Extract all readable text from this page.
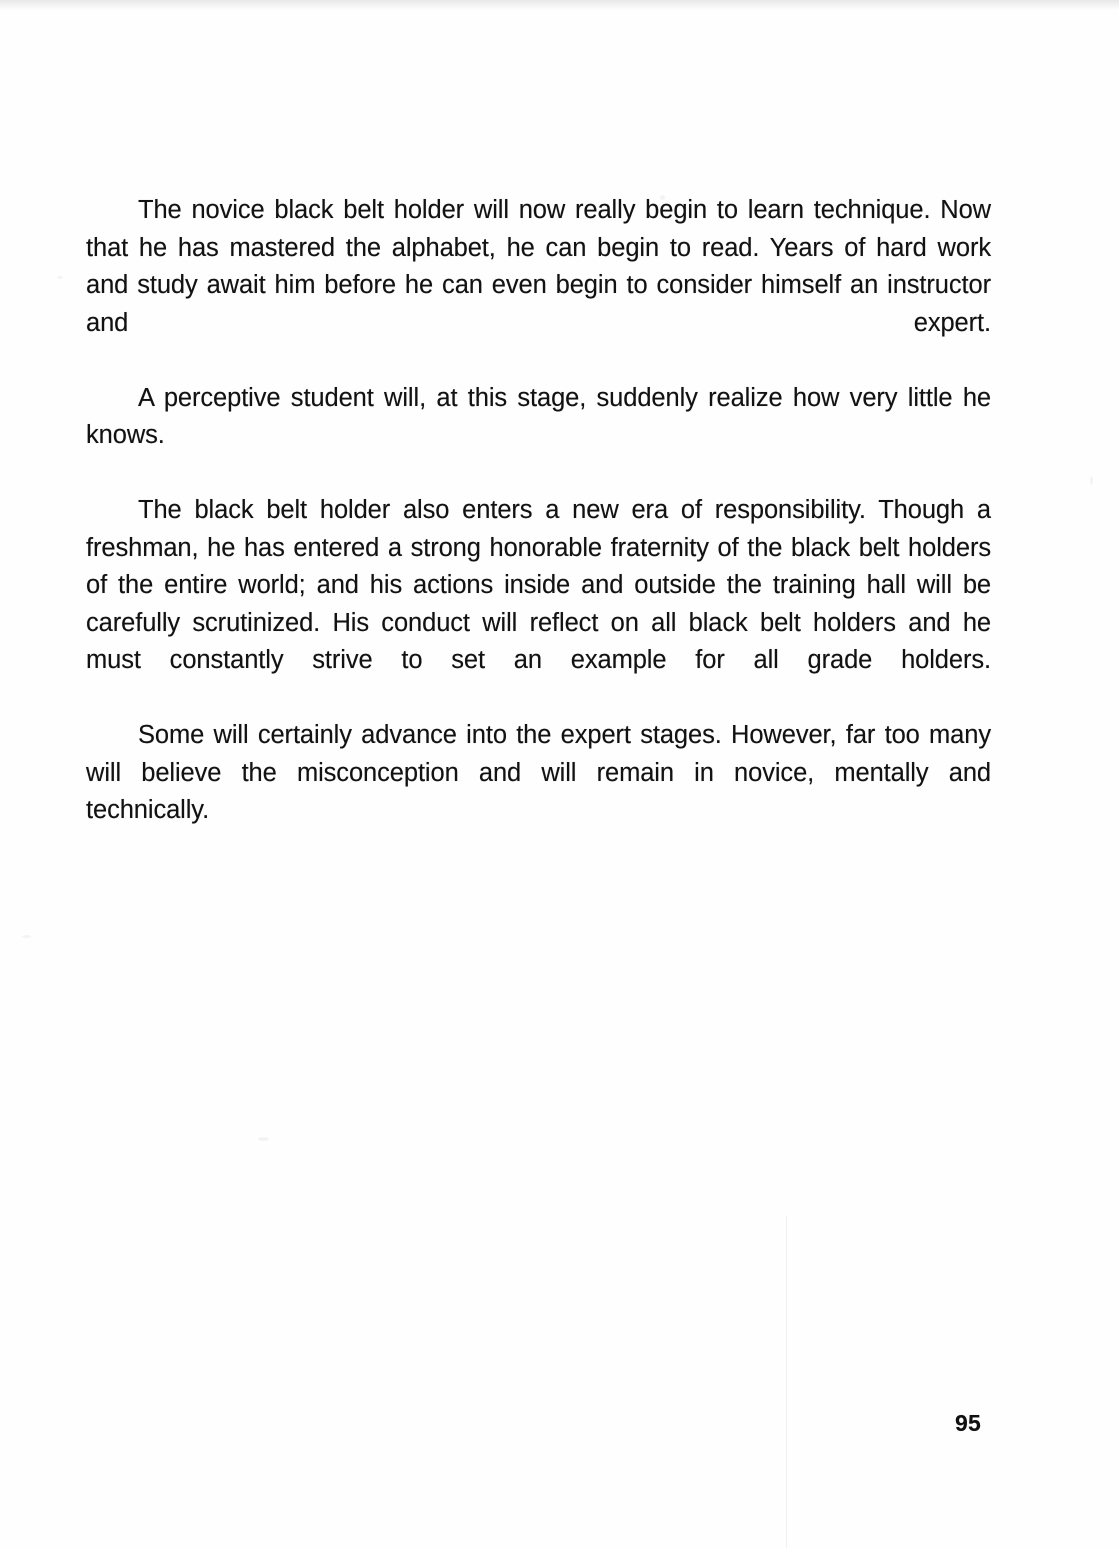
The novice black belt holder will now really begin to learn technique. Now that he has mastered the alphabet, he can begin to read. Years of hard work and study await him before he can even begin to consider himself an instructor and expert.

A perceptive student will, at this stage, suddenly realize how very little he knows.

The black belt holder also enters a new era of responsibility. Though a freshman, he has entered a strong honorable fraternity of the black belt holders of the entire world; and his actions inside and outside the training hall will be carefully scrutinized. His conduct will reflect on all black belt holders and he must constantly strive to set an example for all grade holders.

Some will certainly advance into the expert stages. However, far too many will believe the misconception and will remain in novice, mentally and technically.

95
